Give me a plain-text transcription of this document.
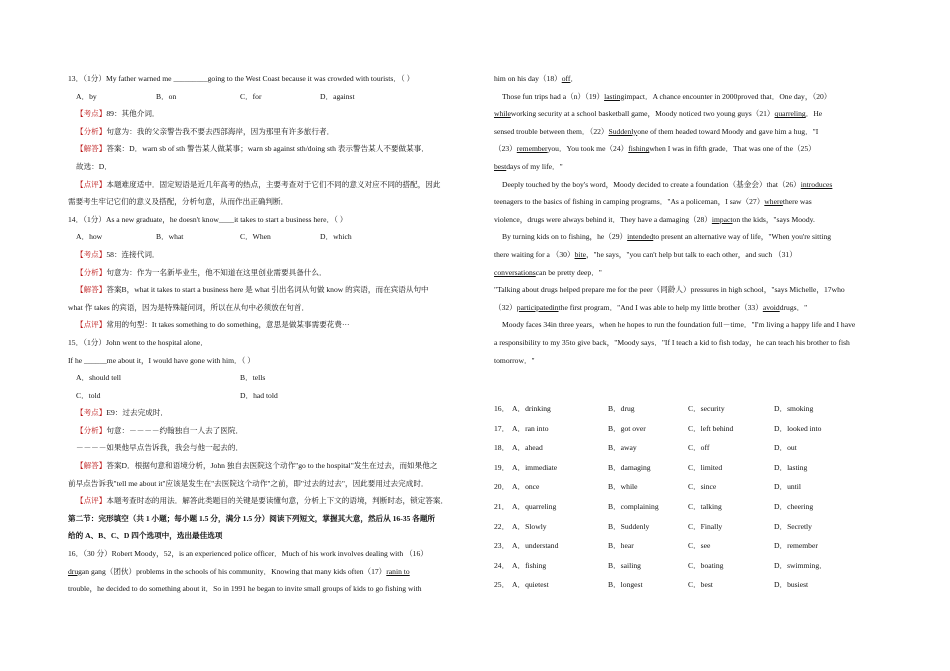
13．（1分）My father warned me _________going to the West Coast because it was crowded with tourists．（ ）
A．by	B．on	C．for	D．against
【考点】89：其他介词．
【分析】句意为：我的父亲警告我不要去西部海岸，因为那里有许多旅行者．
【解答】答案：D．warn sb of sth 警告某人做某事；warn sb against sth/doing sth 表示警告某人不要做某事．
故选：D．
【点评】本题难度适中．固定短语是近几年高考的热点，主要考查对于它们不同的意义对应不同的搭配，因此
需要考生牢记它们的意义及搭配，分析句意，从而作出正确判断．
14．（1分）As a new graduate，he doesn't know____it takes to start a business here．（ ）
A．how	B．what	C．When	D．which
【考点】58：连接代词．
【分析】句意为：作为一名新毕业生，他不知道在这里创业需要具备什么．
【解答】答案B，what it takes to start a business here 是 what 引出名词从句做 know 的宾语，而在宾语从句中
what 作 takes 的宾语，因为是特殊疑问词，所以在从句中必须放在句首．
【点评】常用的句型：It takes something to do something，意思是做某事需要花费···
15．（1分）John went to the hospital alone．
If he ______me about it，I would have gone with him．（ ）
A．should tell	B．tells
C．told	D．had told
【考点】E9：过去完成时．
【分析】句意：－－－－约翰独自一人去了医院．
－－－－如果他早点告诉我，我会与他一起去的．
【解答】答案D．根据句意和语境分析，John 独自去医院这个动作"go to the hospital"发生在过去，而如果他之
前早点告诉我"tell me about it"应该是发生在"去医院这个动作"之前，即"过去的过去"，因此要用过去完成时．
【点评】本题考查时态的用法．解答此类题目的关键是要读懂句意，分析上下文的语境，判断时态，锁定答案．
第二节：完形填空（共 1 小题；每小题 1.5 分，满分 1.5 分）阅读下列短文，掌握其大意，然后从 16-35 各题所
给的 A、B、C、D 四个选项中，选出最佳选项
16．（30 分）Robert Moody，52，is an experienced police officer．Much of his work involves dealing with （16）
drugan gang（团伙）problems in the schools of his community．Knowing that many kids often（17）ranin to
trouble，he decided to do something about it．So in 1991 he began to invite small groups of kids to go fishing with
him on his day（18）off．
Those fun trips had a（n）（19）lastingimpact．A chance encounter in 2000proved that．One day，（20）
whileworking security at a school basketball game，Moody noticed two young guys（21）quarreling．He
sensed trouble between them．（22）Suddenlyone of them headed toward Moody and gave him a hug．"I
（23）rememberyou．You took me（24）fishingwhen I was in fifth grade．That was one of the（25）
bestdays of my life．"
Deeply touched by the boy's word，Moody decided to create a foundation（基金会）that（26）introduces
teenagers to the basics of fishing in camping programs．"As a policeman，I saw（27）wherethere was
violence，drugs were always behind it．They have a damaging（28）impacton the kids，"says Moody.
By turning kids on to fishing，he（29）intendedto present an alternative way of life，"When you're sitting
there waiting for a （30）bite，"he says，"you can't help but talk to each other，and such （31）
conversationscan be pretty deep．"
"Talking about drugs helped prepare me for the peer（同龄人）pressures in high school，"says Michelle，17who
（32）participatedinthe first program．"And I was able to help my little brother（33）avoiddrugs．"
Moody faces 34in three years，when he hopes to run the foundation full－time．"I'm living a happy life and I have
a responsibility to my 35to give back，"Moody says．"If I teach a kid to fish today，he can teach his brother to fish
tomorrow．"
16． A．drinking	B．drug	C．security	D．smoking
17． A．ran into	B．got over	C．left behind	D．looked into
18． A．ahead	B．away	C．off	D．out
19． A．immediate	B．damaging	C．limited	D．lasting
20． A．once	B．while	C．since	D．until
21． A．quarreling	B．complaining	C．talking	D．cheering
22． A．Slowly	B．Suddenly	C．Finally	D．Secretly
23． A．understand	B．hear	C．see	D．remember
24． A．fishing	B．sailing	C．boating	D．swimming．
25． A．quietest	B．longest	C．best	D．busiest
